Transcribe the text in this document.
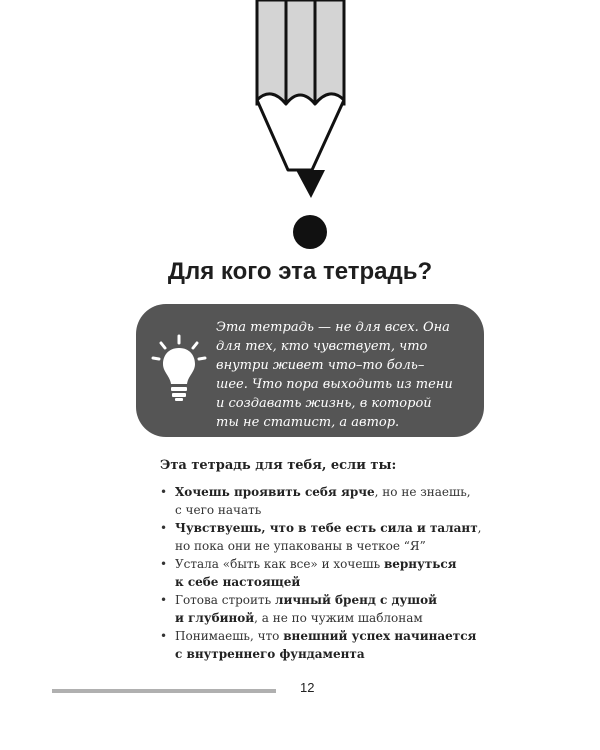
Для кого эта тетрадь?

Эта тетрадь — не для всех. Она
для тех, кто чувствует, что
внутри живет что–то боль–
шее. Что пора выходить из тени
и создавать жизнь, в которой
ты не статист, а автор.

Эта тетрадь для тебя, если ты:

• Хочешь проявить себя ярче, но не знаешь,
с чего начать
• Чувствуешь, что в тебе есть сила и талант,
но пока они не упакованы в четкое “Я”
• Устала «быть как все» и хочешь вернуться
к себе настоящей
• Готова строить личный бренд с душой
и глубиной, а не по чужим шаблонам
• Понимаешь, что внешний успех начинается
с внутреннего фундамента
12
